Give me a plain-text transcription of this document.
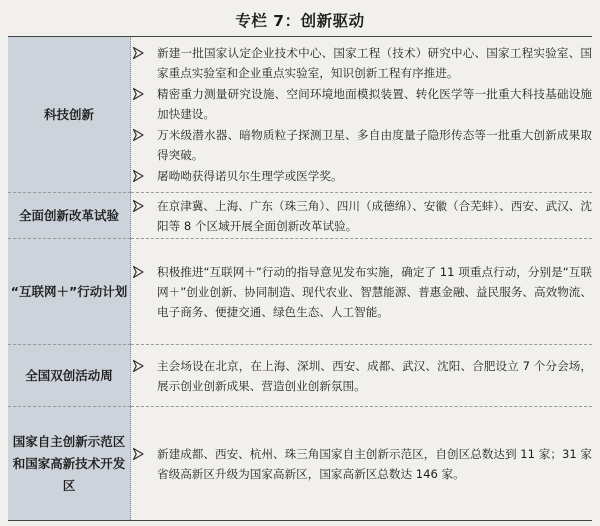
专栏 7：创新驱动
科技创新	新建一批国家认定企业技术中心、国家工程（技术）研究中心、国家工程实验室、国家重点实验室和企业重点实验室，知识创新工程有序推进。
精密重力测量研究设施、空间环境地面模拟装置、转化医学等一批重大科技基础设施加快建设。
万米级潜水器、暗物质粒子探测卫星、多自由度量子隐形传态等一批重大创新成果取得突破。
屠呦呦获得诺贝尔生理学或医学奖。

全面创新改革试验	在京津冀、上海、广东（珠三角）、四川（成德绵）、安徽（合芜蚌）、西安、武汉、沈阳等 8 个区域开展全面创新改革试验。

“互联网＋”行动计划	积极推进“互联网＋”行动的指导意见发布实施，确定了 11 项重点行动，分别是“互联网＋”创业创新、协同制造、现代农业、智慧能源、普惠金融、益民服务、高效物流、电子商务、便捷交通、绿色生态、人工智能。

全国双创活动周	主会场设在北京，在上海、深圳、西安、成都、武汉、沈阳、合肥设立 7 个分会场，展示创业创新成果、营造创业创新氛围。

国家自主创新示范区和国家高新技术开发区	新建成都、西安、杭州、珠三角国家自主创新示范区，自创区总数达到 11 家；31 家省级高新区升级为国家高新区，国家高新区总数达 146 家。
